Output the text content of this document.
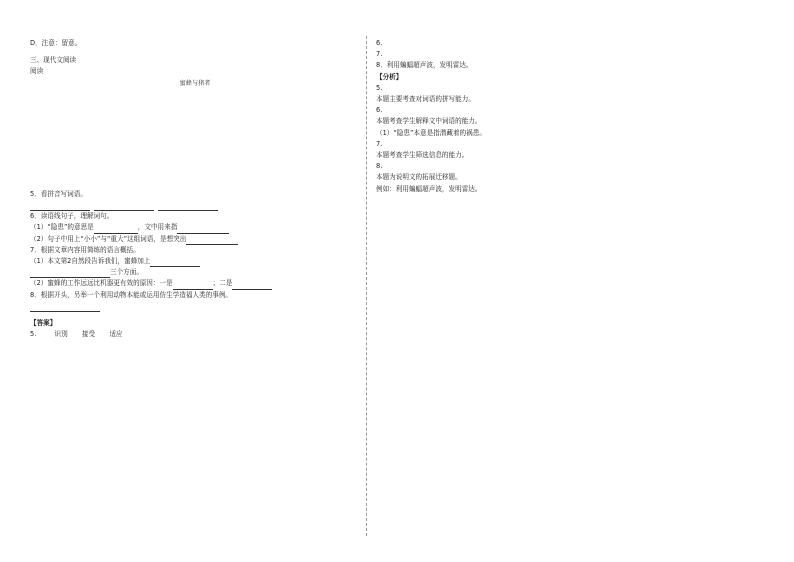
D．注意：留意。
三、现代文阅读
阅读
蜜蜂与猪者
5．看拼音写词语。

6．读语线句子，理解词句。
（1）“隐患”的意思是	，文中用来指
（2）句子中用上“小小”与“重大”这组词语，是想突出
7．根据文章内容用简练的语言概括。
（1）本文第2自然段告诉我们，蜜蜂加上
三个方面。
（2）蜜蜂的工作远远比机器更有效的原因：一是	；二是
8．根据开头，另举一个利用动物本能或运用仿生学造福人类的事例。
【答案】
5.	识别 接受 适应
6.
7.
8．利用蝙蝠超声波，发明雷达。
【分析】
5.
本题主要考查对词语的拼写能力。
6.
本题考查学生解释文中词语的能力。
（1）“隐患”本意是指潜藏着的祸患。
7.
本题考查学生筛选信息的能力。
8.
本题为说明文的拓展迁移题。
例如：利用蝙蝠超声波，发明雷达。
